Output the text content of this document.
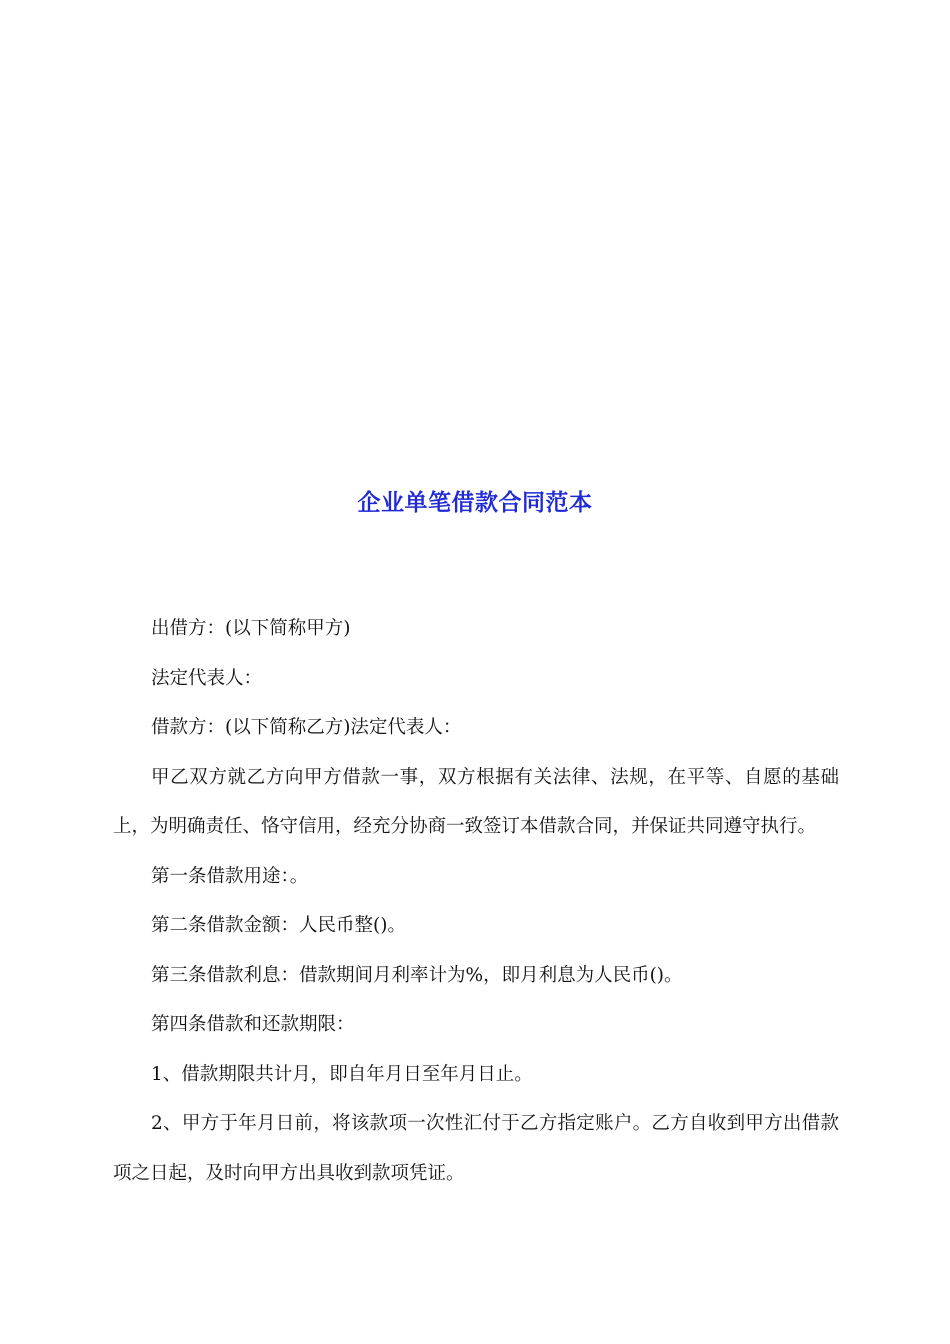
企业单笔借款合同范本

出借方：(以下简称甲方)

法定代表人：

借款方：(以下简称乙方)法定代表人：

甲乙双方就乙方向甲方借款一事，双方根据有关法律、法规，在平等、自愿的基础上，为明确责任、恪守信用，经充分协商一致签订本借款合同，并保证共同遵守执行。

第一条借款用途：。

第二条借款金额：人民币整()。

第三条借款利息：借款期间月利率计为%，即月利息为人民币()。

第四条借款和还款期限：

1、借款期限共计月，即自年月日至年月日止。

2、甲方于年月日前，将该款项一次性汇付于乙方指定账户。乙方自收到甲方出借款项之日起，及时向甲方出具收到款项凭证。
